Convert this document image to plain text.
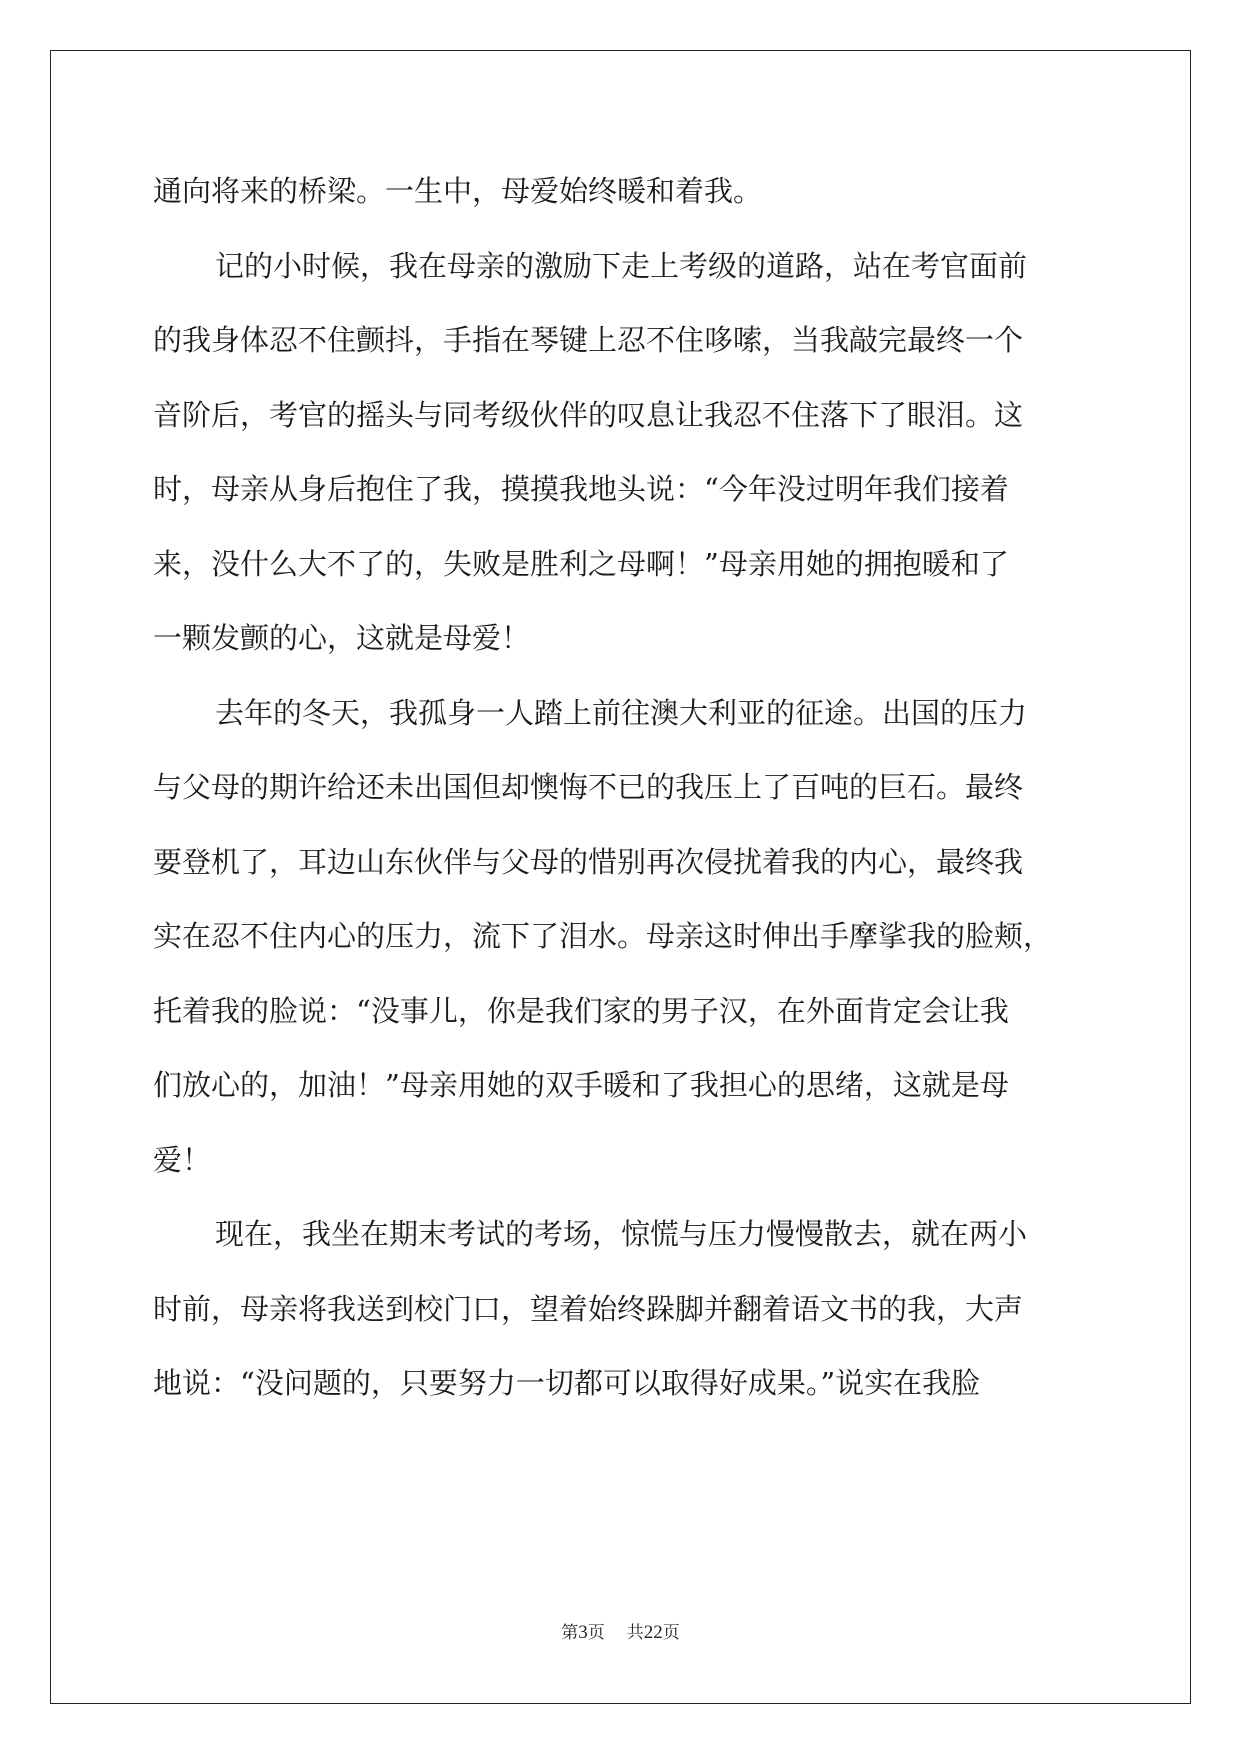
通向将来的桥梁。一生中，母爱始终暖和着我。
记的小时候，我在母亲的激励下走上考级的道路，站在考官面前
的我身体忍不住颤抖，手指在琴键上忍不住哆嗦，当我敲完最终一个
音阶后，考官的摇头与同考级伙伴的叹息让我忍不住落下了眼泪。这
时，母亲从身后抱住了我，摸摸我地头说：“今年没过明年我们接着
来，没什么大不了的，失败是胜利之母啊！”母亲用她的拥抱暖和了
一颗发颤的心，这就是母爱！
去年的冬天，我孤身一人踏上前往澳大利亚的征途。出国的压力
与父母的期许给还未出国但却懊悔不已的我压上了百吨的巨石。最终
要登机了，耳边山东伙伴与父母的惜别再次侵扰着我的内心，最终我
实在忍不住内心的压力，流下了泪水。母亲这时伸出手摩挲我的脸颊，
托着我的脸说：“没事儿，你是我们家的男子汉，在外面肯定会让我
们放心的，加油！”母亲用她的双手暖和了我担心的思绪，这就是母
爱！
现在，我坐在期末考试的考场，惊慌与压力慢慢散去，就在两小
时前，母亲将我送到校门口，望着始终跺脚并翻着语文书的我，大声
地说：“没问题的，只要努力一切都可以取得好成果。”说实在我脸
第3页 共22页
